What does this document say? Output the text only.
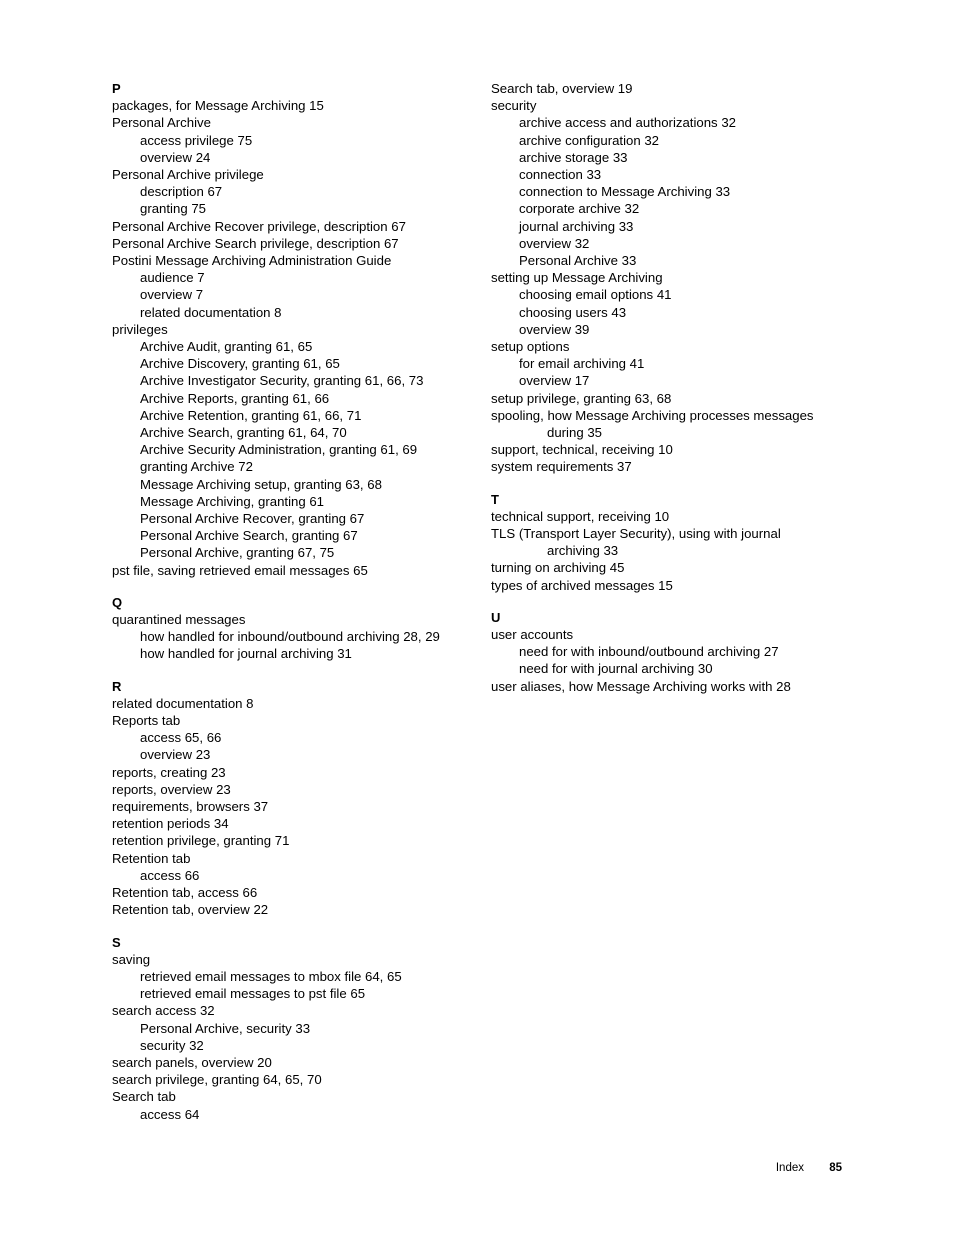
P
packages, for Message Archiving 15
Personal Archive
access privilege 75
overview 24
Personal Archive privilege
description 67
granting 75
Personal Archive Recover privilege, description 67
Personal Archive Search privilege, description 67
Postini Message Archiving Administration Guide
audience 7
overview 7
related documentation 8
privileges
Archive Audit, granting 61, 65
Archive Discovery, granting 61, 65
Archive Investigator Security, granting 61, 66, 73
Archive Reports, granting 61, 66
Archive Retention, granting 61, 66, 71
Archive Search, granting 61, 64, 70
Archive Security Administration, granting 61, 69
granting Archive 72
Message Archiving setup, granting 63, 68
Message Archiving, granting 61
Personal Archive Recover, granting 67
Personal Archive Search, granting 67
Personal Archive, granting 67, 75
pst file, saving retrieved email messages 65
Q
quarantined messages
how handled for inbound/outbound archiving 28, 29
how handled for journal archiving 31
R
related documentation 8
Reports tab
access 65, 66
overview 23
reports, creating 23
reports, overview 23
requirements, browsers 37
retention periods 34
retention privilege, granting 71
Retention tab
access 66
Retention tab, access 66
Retention tab, overview 22
S
saving
retrieved email messages to mbox file 64, 65
retrieved email messages to pst file 65
search access 32
Personal Archive, security 33
security 32
search panels, overview 20
search privilege, granting 64, 65, 70
Search tab
access 64
Search tab, overview 19
security
archive access and authorizations 32
archive configuration 32
archive storage 33
connection 33
connection to Message Archiving 33
corporate archive 32
journal archiving 33
overview 32
Personal Archive 33
setting up Message Archiving
choosing email options 41
choosing users 43
overview 39
setup options
for email archiving 41
overview 17
setup privilege, granting 63, 68
spooling, how Message Archiving processes messages
during 35
support, technical, receiving 10
system requirements 37
T
technical support, receiving 10
TLS (Transport Layer Security), using with journal
archiving 33
turning on archiving 45
types of archived messages 15
U
user accounts
need for with inbound/outbound archiving 27
need for with journal archiving 30
user aliases, how Message Archiving works with 28
Index 85
